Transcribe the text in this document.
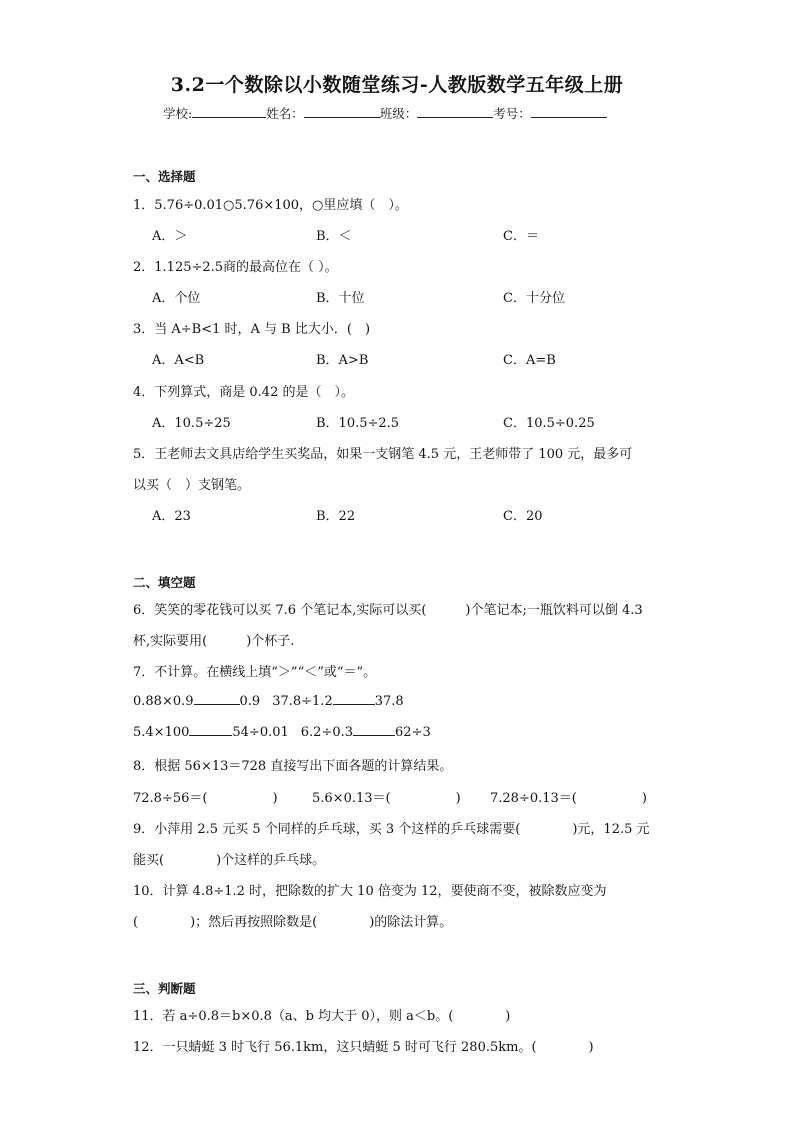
3.2一个数除以小数随堂练习-人教版数学五年级上册
学校:	姓名：	班级：	考号：
一、选择题
1．5.76÷0.01○5.76×100，○里应填（　）。
A．＞	B．＜	C．＝
2．1.125÷2.5商的最高位在（ ）。
A．个位	B．十位	C．十分位
3．当 A÷B<1 时，A 与 B 比大小．(　)
A．A<B	B．A>B	C．A=B
4．下列算式，商是 0.42 的是（　）。
A．10.5÷25	B．10.5÷2.5	C．10.5÷0.25
5．王老师去文具店给学生买奖品，如果一支钢笔 4.5 元，王老师带了 100 元，最多可
以买（　）支钢笔。
A．23	B．22	C．20
二、填空题
6．笑笑的零花钱可以买 7.6 个笔记本,实际可以买(　　　)个笔记本;一瓶饮料可以倒 4.3
杯,实际要用(　　　)个杯子.
7．不计算。在横线上填“＞”“＜”或“＝”。
0.88×0.9	0.9 37.8÷1.2	37.8
5.4×100	54÷0.01 6.2÷0.3	62÷3
8．根据 56×13＝728 直接写出下面各题的计算结果。
72.8÷56＝(　　　　　)	5.6×0.13＝(　　　　　) 7.28÷0.13＝(　　　　　)
9．小萍用 2.5 元买 5 个同样的乒乓球，买 3 个这样的乒乓球需要(　　　　)元，12.5 元
能买(　　　　)个这样的乒乓球。
10．计算 4.8÷1.2 时，把除数的扩大 10 倍变为 12，要使商不变，被除数应变为
(　　　　)；然后再按照除数是(　　　　)的除法计算。
三、判断题
11．若 a÷0.8＝b×0.8（a、b 均大于 0），则 a＜b。(　　　　)
12．一只蜻蜓 3 时飞行 56.1km，这只蜻蜓 5 时可飞行 280.5km。(　　　　)
